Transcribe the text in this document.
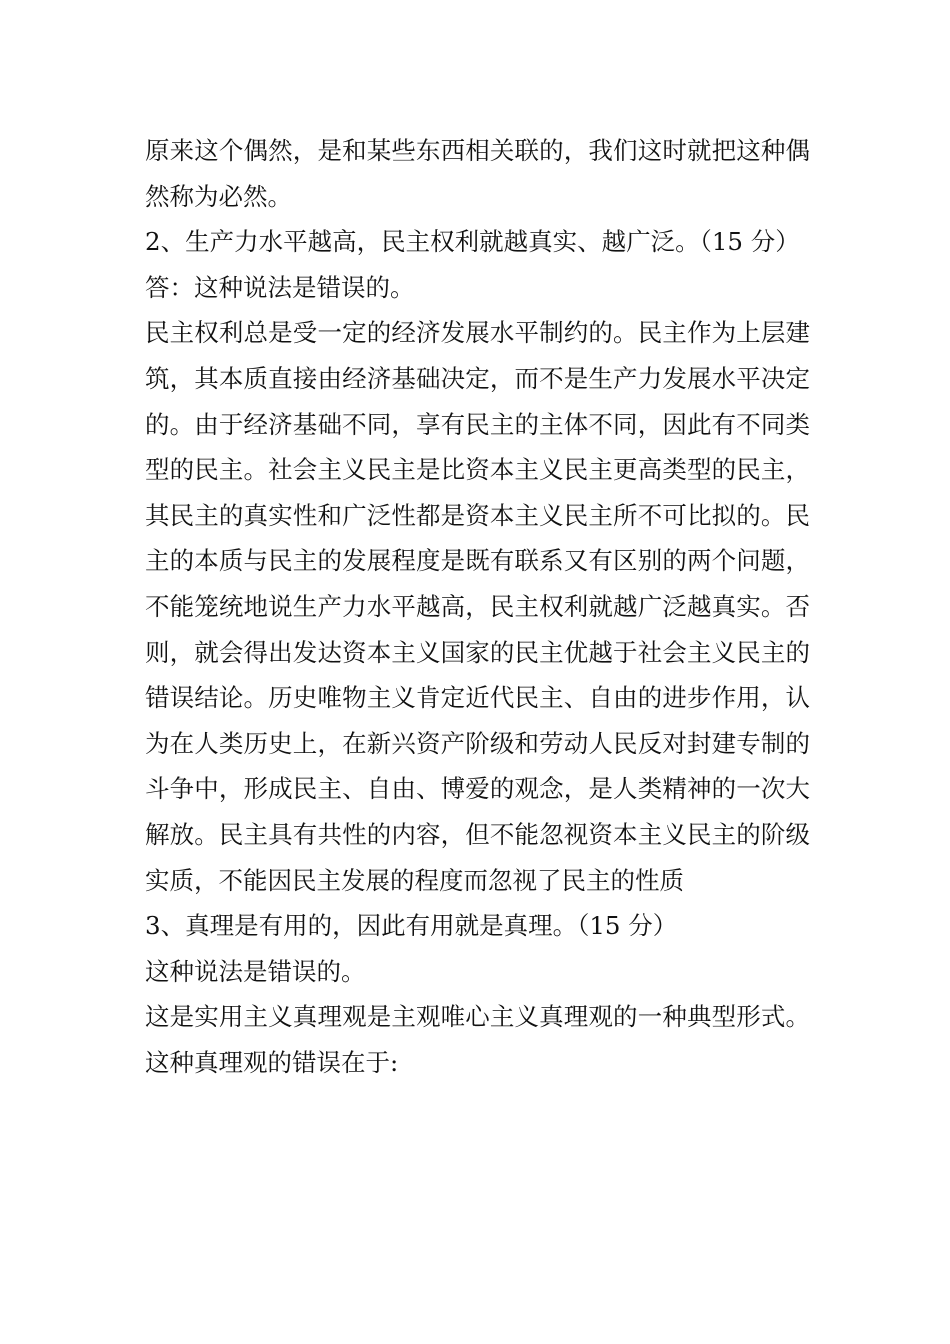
原来这个偶然，是和某些东西相关联的，我们这时就把这种偶然称为必然。

2、生产力水平越高，民主权利就越真实、越广泛。（15 分）

答：这种说法是错误的。

民主权利总是受一定的经济发展水平制约的。民主作为上层建筑，其本质直接由经济基础决定，而不是生产力发展水平决定的。由于经济基础不同，享有民主的主体不同，因此有不同类型的民主。社会主义民主是比资本主义民主更高类型的民主，其民主的真实性和广泛性都是资本主义民主所不可比拟的。民主的本质与民主的发展程度是既有联系又有区别的两个问题，不能笼统地说生产力水平越高，民主权利就越广泛越真实。否则，就会得出发达资本主义国家的民主优越于社会主义民主的错误结论。历史唯物主义肯定近代民主、自由的进步作用，认为在人类历史上，在新兴资产阶级和劳动人民反对封建专制的斗争中，形成民主、自由、博爱的观念，是人类精神的一次大解放。民主具有共性的内容，但不能忽视资本主义民主的阶级实质，不能因民主发展的程度而忽视了民主的性质

3、真理是有用的，因此有用就是真理。（15 分）

这种说法是错误的。

这是实用主义真理观是主观唯心主义真理观的一种典型形式。这种真理观的错误在于:
